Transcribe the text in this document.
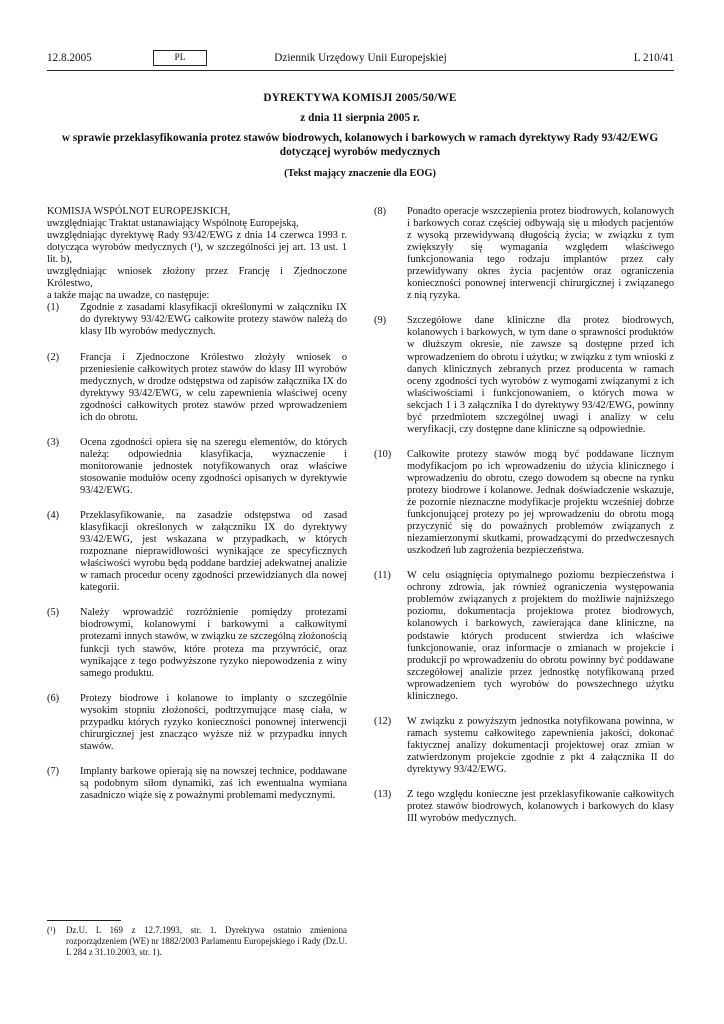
12.8.2005	PL	Dziennik Urzędowy Unii Europejskiej	L 210/41
DYREKTYWA KOMISJI 2005/50/WE
z dnia 11 sierpnia 2005 r.
w sprawie przeklasyfikowania protez stawów biodrowych, kolanowych i barkowych w ramach dyrektywy Rady 93/42/EWG dotyczącej wyrobów medycznych
(Tekst mający znaczenie dla EOG)

KOMISJA WSPÓLNOT EUROPEJSKICH,

uwzględniając Traktat ustanawiający Wspólnotę Europejską,

uwzględniając dyrektywę Rady 93/42/EWG z dnia 14 czerwca 1993 r. dotycząca wyrobów medycznych (¹), w szczególności jej art. 13 ust. 1 lit. b),

uwzględniając wniosek złożony przez Francję i Zjednoczone Królestwo,

a także mając na uwadze, co następuje:

(1) Zgodnie z zasadami klasyfikacji określonymi w załączniku IX do dyrektywy 93/42/EWG całkowite protezy stawów należą do klasy IIb wyrobów medycznych.
(2) Francja i Zjednoczone Królestwo złożyły wniosek o przeniesienie całkowitych protez stawów do klasy III wyrobów medycznych, w drodze odstępstwa od zapisów załącznika IX do dyrektywy 93/42/EWG, w celu zapewnienia właściwej oceny zgodności całkowitych protez stawów przed wprowadzeniem ich do obrotu.
(3) Ocena zgodności opiera się na szeregu elementów, do których należą: odpowiednia klasyfikacja, wyznaczenie i monitorowanie jednostek notyfikowanych oraz właściwe stosowanie modułów oceny zgodności opisanych w dyrektywie 93/42/EWG.
(4) Przeklasyfikowanie, na zasadzie odstępstwa od zasad klasyfikacji określonych w załączniku IX do dyrektywy 93/42/EWG, jest wskazana w przypadkach, w których rozpoznane nieprawidłowości wynikające ze specyficznych właściwości wyrobu będą poddane bardziej adekwatnej analizie w ramach procedur oceny zgodności przewidzianych dla nowej kategorii.
(5) Należy wprowadzić rozróżnienie pomiędzy protezami biodrowymi, kolanowymi i barkowymi a całkowitymi protezami innych stawów, w związku ze szczególną złożonością funkcji tych stawów, które proteza ma przywrócić, oraz wynikające z tego podwyższone ryzyko niepowodzenia z winy samego produktu.
(6) Protezy biodrowe i kolanowe to implanty o szczególnie wysokim stopniu złożoności, podtrzymujące masę ciała, w przypadku których ryzyko konieczności ponownej interwencji chirurgicznej jest znacząco wyższe niż w przypadku innych stawów.
(7) Implanty barkowe opierają się na nowszej technice, poddawane są podobnym siłom dynamiki, zaś ich ewentualna wymiana zasadniczo wiąże się z poważnymi problemami medycznymi.
(8) Ponadto operacje wszczepienia protez biodrowych, kolanowych i barkowych coraz częściej odbywają się u młodych pacjentów z wysoką przewidywaną długością życia; w związku z tym zwiększyły się wymagania względem właściwego funkcjonowania tego rodzaju implantów przez cały przewidywany okres życia pacjentów oraz ograniczenia konieczności ponownej interwencji chirurgicznej i związanego z nią ryzyka.
(9) Szczegółowe dane kliniczne dla protez biodrowych, kolanowych i barkowych, w tym dane o sprawności produktów w dłuższym okresie, nie zawsze są dostępne przed ich wprowadzeniem do obrotu i użytku; w związku z tym wnioski z danych klinicznych zebranych przez producenta w ramach oceny zgodności tych wyrobów z wymogami związanymi z ich właściwościami i funkcjonowaniem, o których mowa w sekcjach 1 i 3 załącznika I do dyrektywy 93/42/EWG, powinny być przedmiotem szczególnej uwagi i analizy w celu weryfikacji, czy dostępne dane kliniczne są odpowiednie.
(10) Całkowite protezy stawów mogą być poddawane licznym modyfikacjom po ich wprowadzeniu do użycia klinicznego i wprowadzeniu do obrotu, czego dowodem są obecne na rynku protezy biodrowe i kolanowe. Jednak doświadczenie wskazuje, że pozornie nieznaczne modyfikacje projektu wcześniej dobrze funkcjonującej protezy po jej wprowadzeniu do obrotu mogą przyczynić się do poważnych problemów związanych z niezamierzonymi skutkami, prowadzącymi do przedwczesnych uszkodzeń lub zagrożenia bezpieczeństwa.
(11) W celu osiągnięcia optymalnego poziomu bezpieczeństwa i ochrony zdrowia, jak również ograniczenia występowania problemów związanych z projektem do możliwie najniższego poziomu, dokumentacja projektowa protez biodrowych, kolanowych i barkowych, zawierająca dane kliniczne, na podstawie których producent stwierdza ich właściwe funkcjonowanie, oraz informacje o zmianach w projekcie i produkcji po wprowadzeniu do obrotu powinny być poddawane szczegółowej analizie przez jednostkę notyfikowaną przed wprowadzeniem tych wyrobów do powszechnego użytku klinicznego.
(12) W związku z powyższym jednostka notyfikowana powinna, w ramach systemu całkowitego zapewnienia jakości, dokonać faktycznej analizy dokumentacji projektowej oraz zmian w zatwierdzonym projekcie zgodnie z pkt 4 załącznika II do dyrektywy 93/42/EWG.
(13) Z tego względu konieczne jest przeklasyfikowanie całkowitych protez stawów biodrowych, kolanowych i barkowych do klasy III wyrobów medycznych.
(¹)	Dz.U. L 169 z 12.7.1993, str. 1. Dyrektywa ostatnio zmieniona rozporządzeniem (WE) nr 1882/2003 Parlamentu Europejskiego i Rady (Dz.U. L 284 z 31.10.2003, str. 1).
